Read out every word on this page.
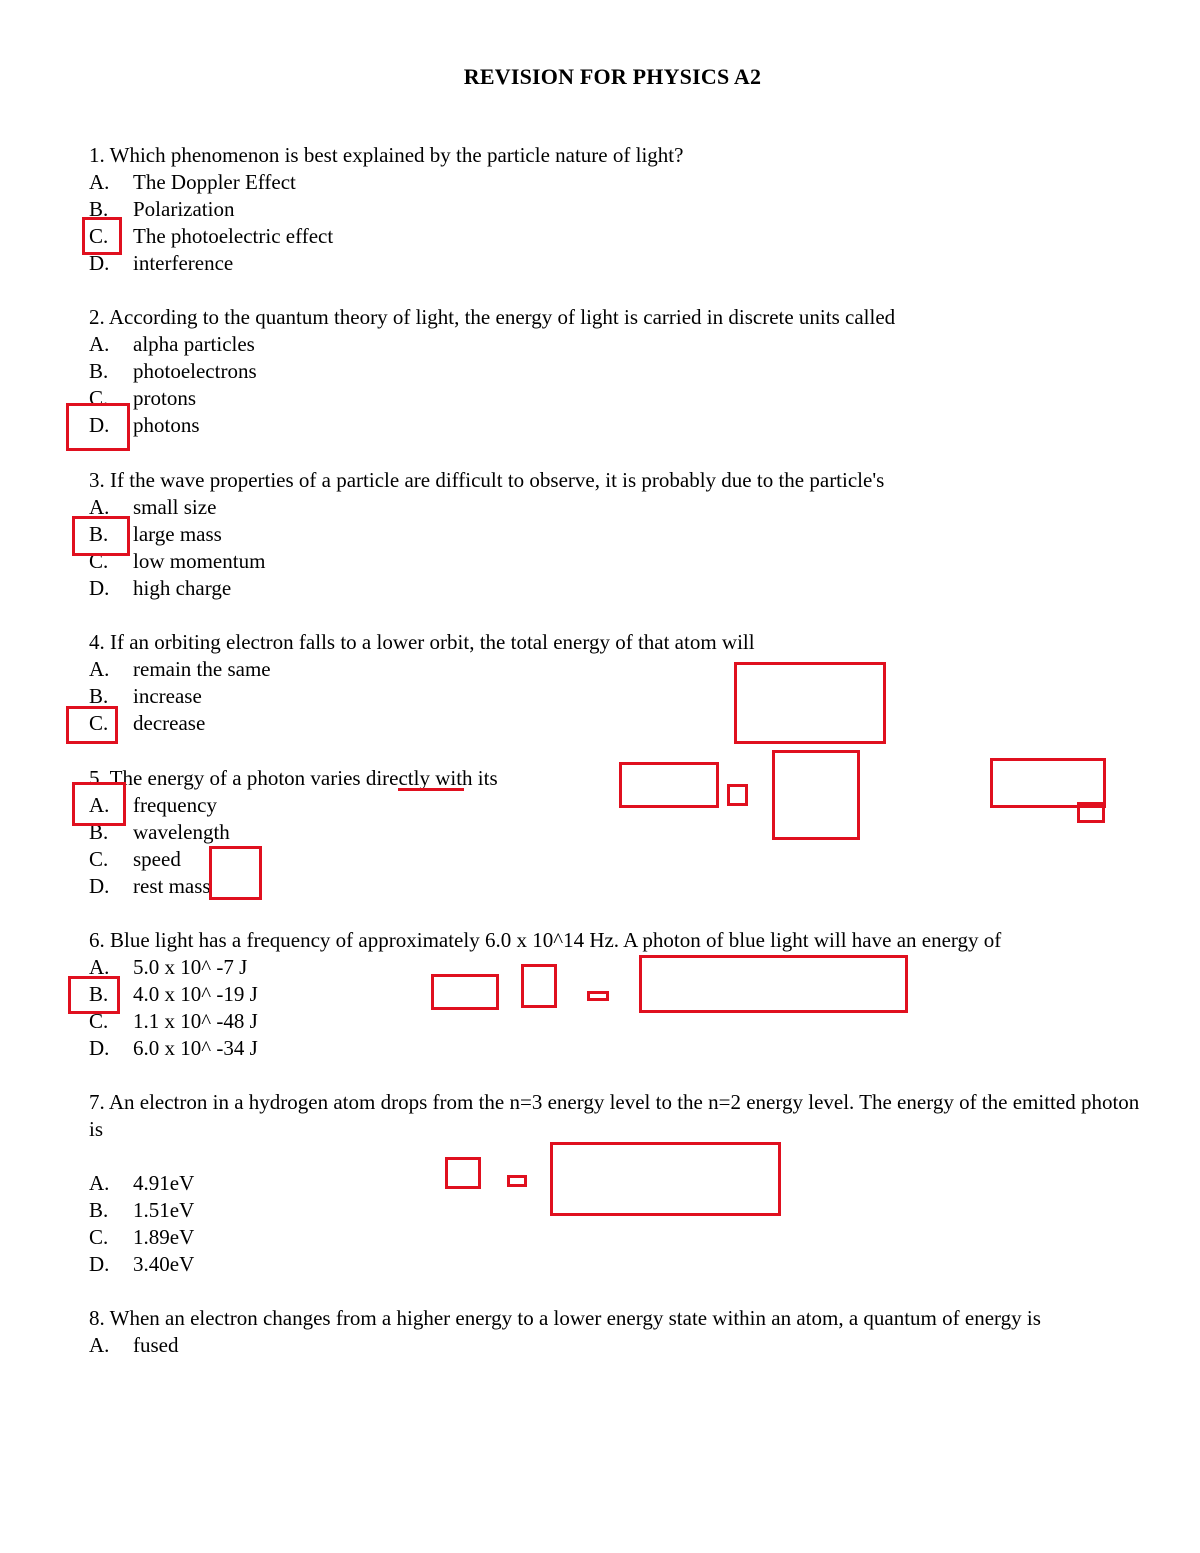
REVISION FOR PHYSICS A2
1. Which phenomenon is best explained by the particle nature of light?
A. The Doppler Effect
B. Polarization
C. The photoelectric effect
D. interference
2. According to the quantum theory of light, the energy of light is carried in discrete units called
A. alpha particles
B. photoelectrons
C. protons
D. photons
3. If the wave properties of a particle are difficult to observe, it is probably due to the particle's
A. small size
B. large mass
C. low momentum
D. high charge
4. If an orbiting electron falls to a lower orbit, the total energy of that atom will
A. remain the same
B. increase
C. decrease
5. The energy of a photon varies directly with its
A. frequency
B. wavelength
C. speed
D. rest mass
6. Blue light has a frequency of approximately 6.0 x 10^14 Hz. A photon of blue light will have an energy of
A. 5.0 x 10^ -7 J
B. 4.0 x 10^ -19 J
C. 1.1 x 10^ -48 J
D. 6.0 x 10^ -34 J
7. An electron in a hydrogen atom drops from the n=3 energy level to the n=2 energy level. The energy of the emitted photon is
A. 4.91eV
B. 1.51eV
C. 1.89eV
D. 3.40eV
8. When an electron changes from a higher energy to a lower energy state within an atom, a quantum of energy is
A. fused
